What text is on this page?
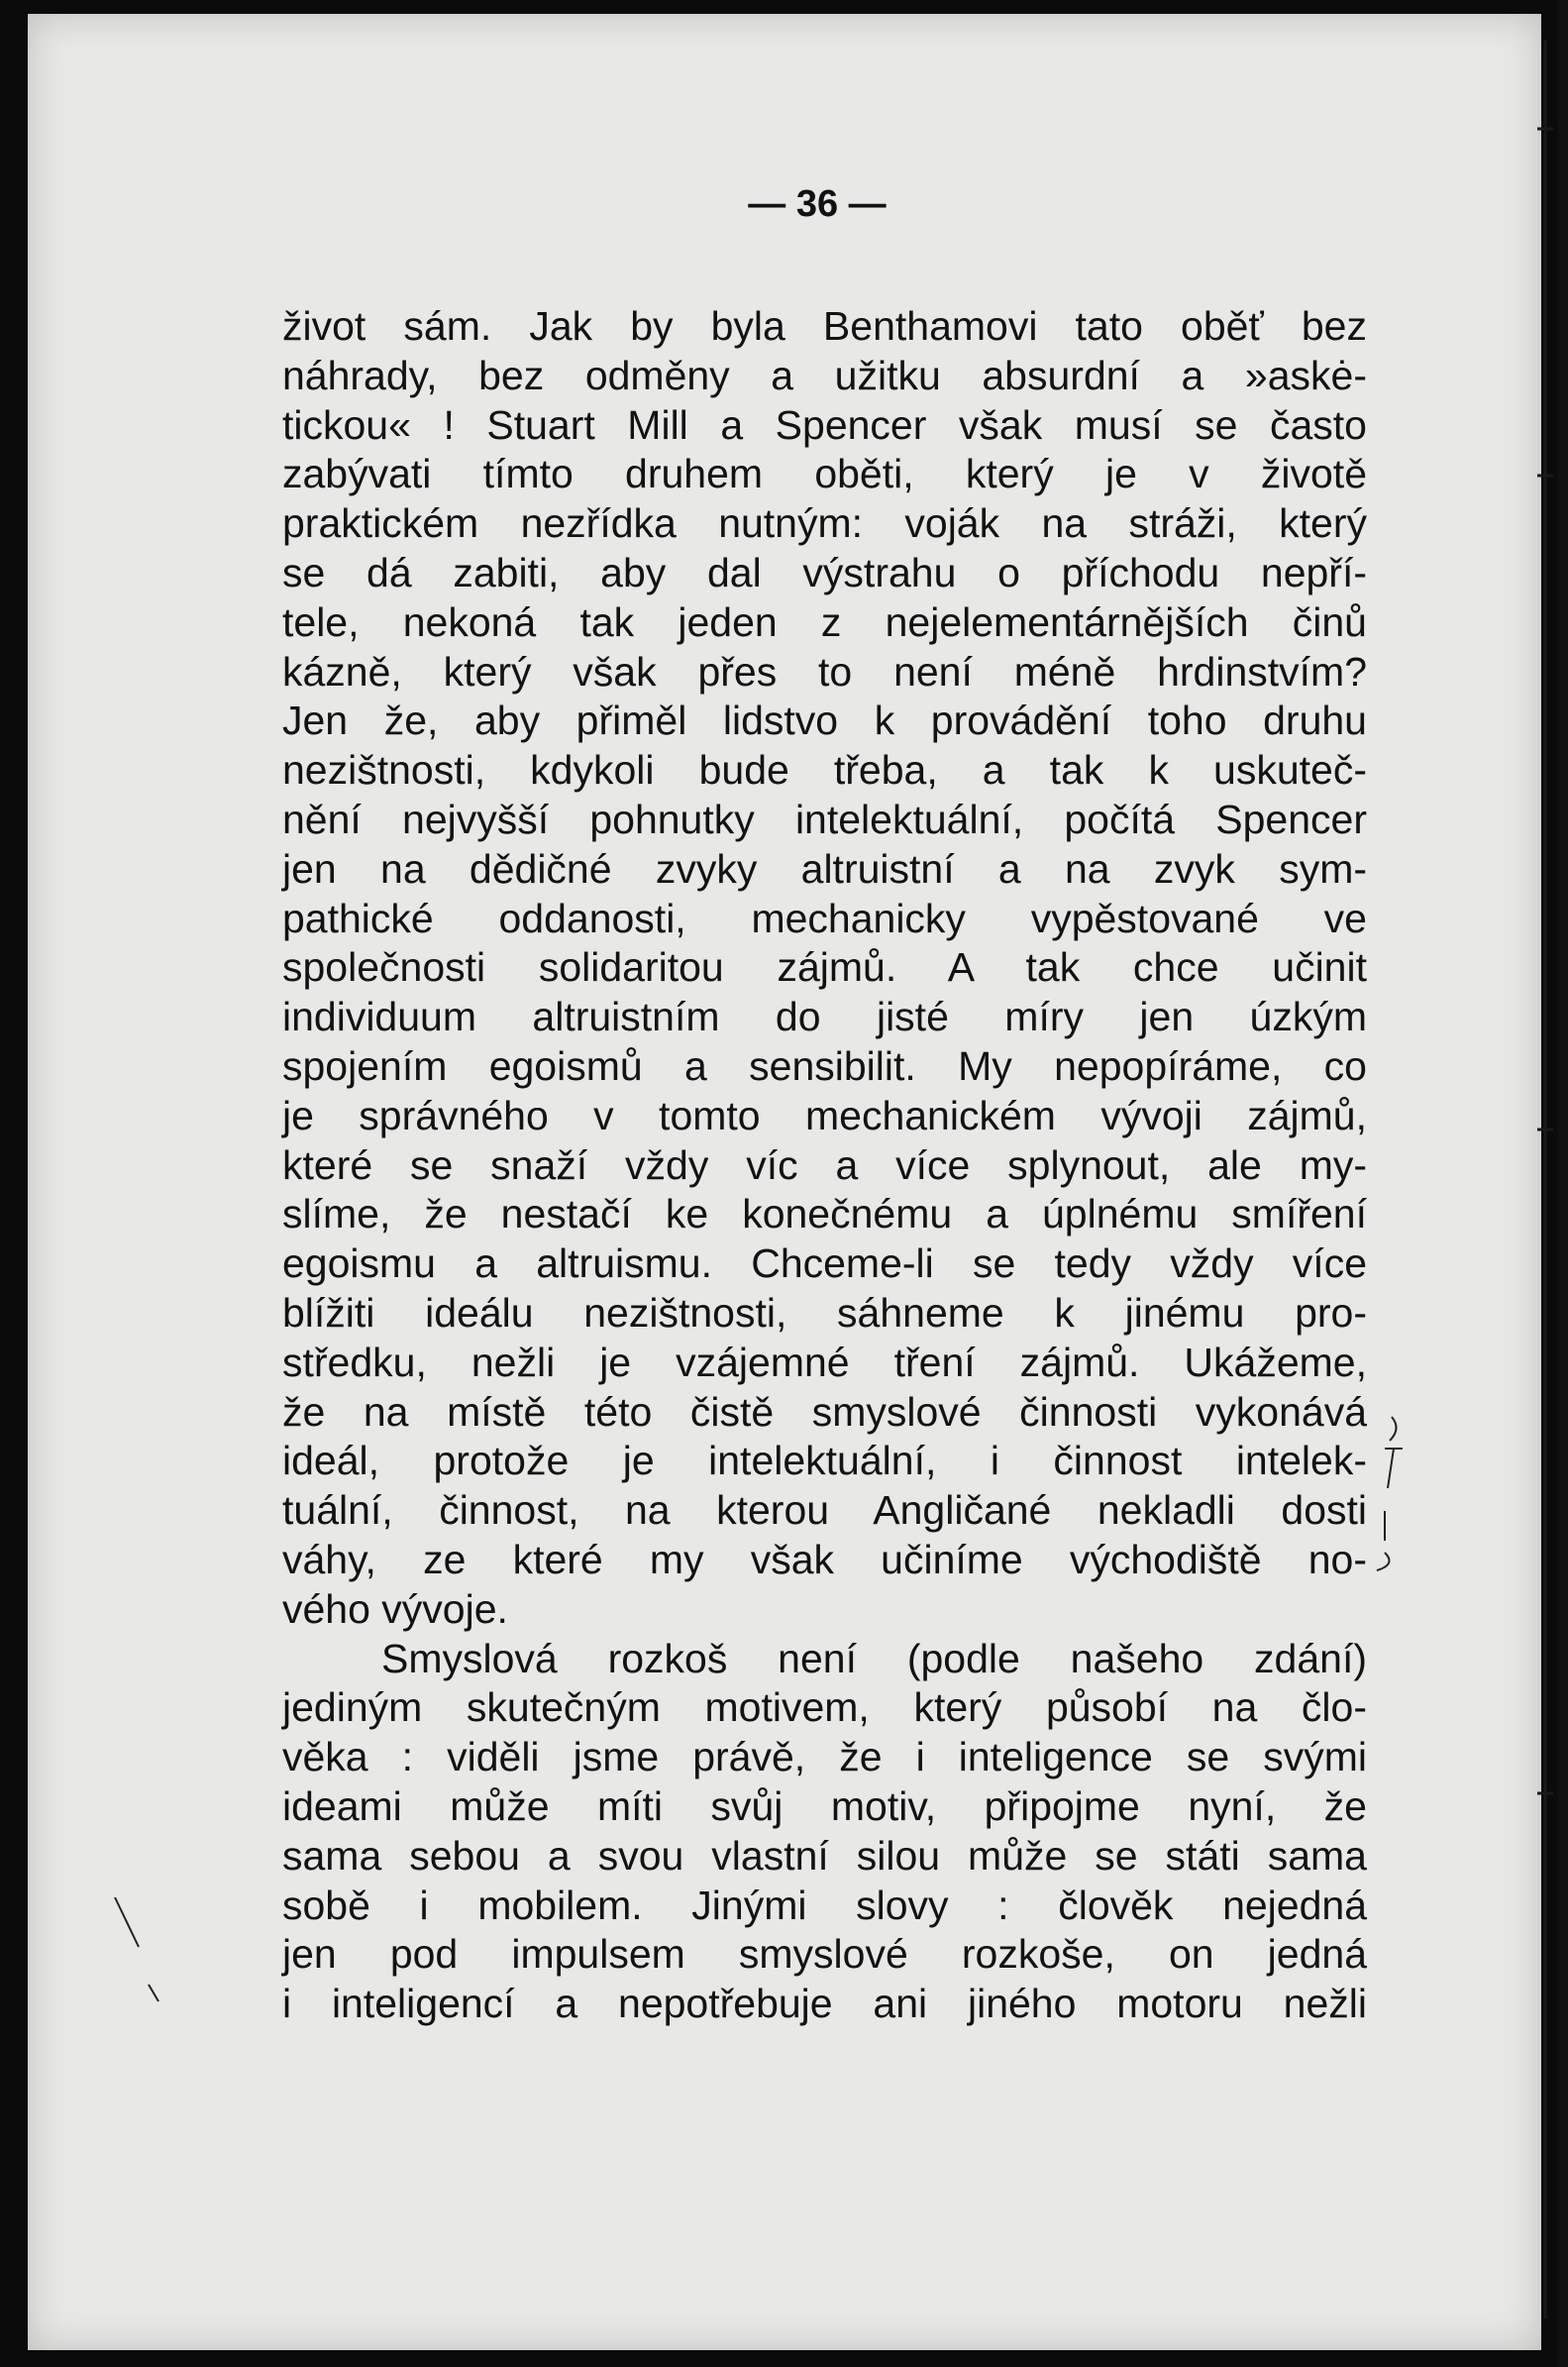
— 36 —
život sám. Jak by byla Benthamovi tato oběť bez
náhrady, bez odměny a užitku absurdní a »askė-
tickou« ! Stuart Mill a Spencer však musí se často
zabývati tímto druhem oběti, který je v životě
praktickém nezřídka nutným: voják na stráži, který
se dá zabiti, aby dal výstrahu o příchodu nepří-
tele, nekoná tak jeden z nejelementárnějších činů
kázně, který však přes to není méně hrdinstvím?
Jen že, aby přiměl lidstvo k provádění toho druhu
nezištnosti, kdykoli bude třeba, a tak k uskuteč-
nění nejvyšší pohnutky intelektuální, počítá Spencer
jen na dědičné zvyky altruistní a na zvyk sym-
pathické oddanosti, mechanicky vypěstované ve
společnosti solidaritou zájmů. A tak chce učinit
individuum altruistním do jisté míry jen úzkým
spojením egoismů a sensibilit. My nepopíráme, co
je správného v tomto mechanickém vývoji zájmů,
které se snaží vždy víc a více splynout, ale my-
slíme, že nestačí ke konečnému a úplnému smíření
egoismu a altruismu. Chceme-li se tedy vždy více
blížiti ideálu nezištnosti, sáhneme k jinému pro-
středku, nežli je vzájemné tření zájmů. Ukážeme,
že na místě této čistě smyslové činnosti vykonává
ideál, protože je intelektuální, i činnost intelek-
tuální, činnost, na kterou Angličané nekladli dosti
váhy, ze které my však učiníme východiště no-
vého vývoje.
Smyslová rozkoš není (podle našeho zdání)
jediným skutečným motivem, který působí na člo-
věka : viděli jsme právě, že i inteligence se svými
ideami může míti svůj motiv, připojme nyní, že
sama sebou a svou vlastní silou může se státi sama
sobě i mobilem. Jinými slovy : člověk nejedná
jen pod impulsem smyslové rozkoše, on jedná
i inteligencí a nepotřebuje ani jiného motoru nežli
